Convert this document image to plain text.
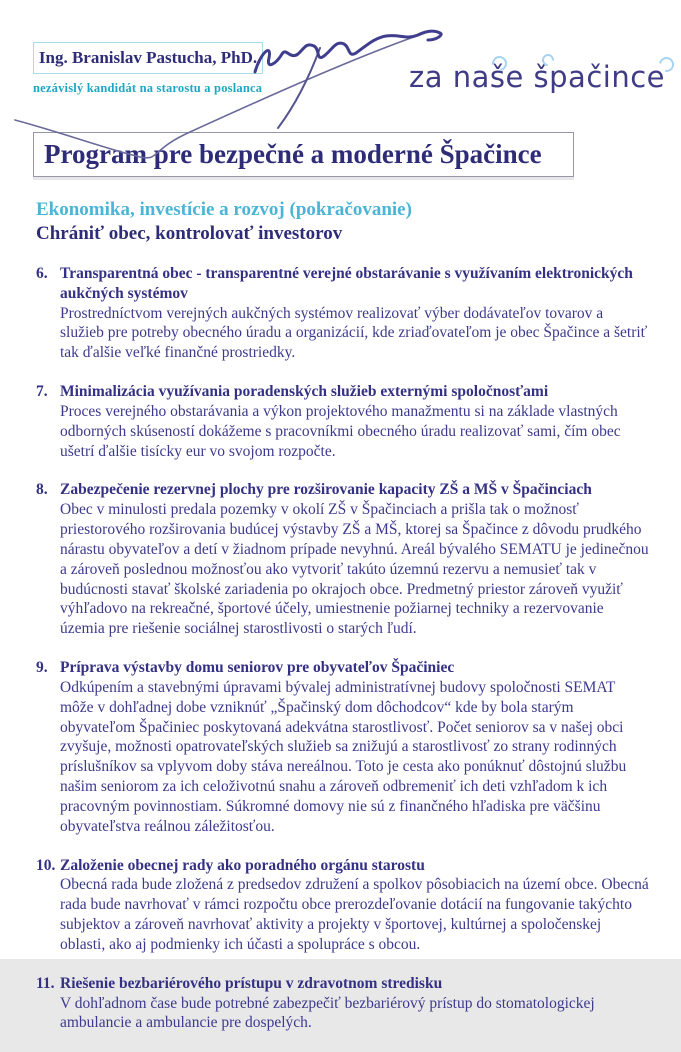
Ing. Branislav Pastucha, PhD.
nezávislý kandidát na starostu a poslanca	za naše špačince
Program pre bezpečné a moderné Špačince
Ekonomika, investície a rozvoj (pokračovanie)
Chrániť obec, kontrolovať investorov
6. Transparentná obec - transparentné verejné obstarávanie s využívaním elektronických aukčných systémov
Prostredníctvom verejných aukčných systémov realizovať výber dodávateľov tovarov a služieb pre potreby obecného úradu a organizácií, kde zriaďovateľom je obec Špačince a šetriť tak ďalšie veľké finančné prostriedky.
7. Minimalizácia využívania poradenských služieb externými spoločnosťami
Proces verejného obstarávania a výkon projektového manažmentu si na základe vlastných odborných skúseností dokážeme s pracovníkmi obecného úradu realizovať sami, čím obec ušetrí ďalšie tisícky eur vo svojom rozpočte.
8. Zabezpečenie rezervnej plochy pre rozširovanie kapacity ZŠ a MŠ v Špačinciach
Obec v minulosti predala pozemky v okolí ZŠ v Špačinciach a prišla tak o možnosť priestorového rozširovania budúcej výstavby ZŠ a MŠ, ktorej sa Špačince z dôvodu prudkého nárastu obyvateľov a detí v žiadnom prípade nevyhnú. Areál bývalého SEMATU je jedinečnou a zároveň poslednou možnosťou ako vytvoriť takúto územnú rezervu a nemusieť tak v budúcnosti stavať školské zariadenia po okrajoch obce. Predmetný priestor zároveň využiť výhľadovo na rekreačné, športové účely, umiestnenie požiarnej techniky a rezervovanie územia pre riešenie sociálnej starostlivosti o starých ľudí.
9. Príprava výstavby domu seniorov pre obyvateľov Špačiniec
Odkúpením a stavebnými úpravami bývalej administratívnej budovy spoločnosti SEMAT môže v dohľadnej dobe vzniknúť „Špačinský dom dôchodcov“ kde by bola starým obyvateľom Špačiniec poskytovaná adekvátna starostlivosť. Počet seniorov sa v našej obci zvyšuje, možnosti opatrovateľských služieb sa znižujú a starostlivosť zo strany rodinných príslušníkov sa vplyvom doby stáva nereálnou. Toto je cesta ako ponúknuť dôstojnú službu našim seniorom za ich celoživotnú snahu a zároveň odbremeniť ich deti vzhľadom k ich pracovným povinnostiam. Súkromné domovy nie sú z finančného hľadiska pre väčšinu obyvateľstva reálnou záležitosťou.
10. Založenie obecnej rady ako poradného orgánu starostu
Obecná rada bude zložená z predsedov združení a spolkov pôsobiacich na území obce. Obecná rada bude navrhovať v rámci rozpočtu obce prerozdeľovanie dotácií na fungovanie takýchto subjektov a zároveň navrhovať aktivity a projekty v športovej, kultúrnej a spoločenskej oblasti, ako aj podmienky ich účasti a spolupráce s obcou.
11. Riešenie bezbariérového prístupu v zdravotnom stredisku
V dohľadnom čase bude potrebné zabezpečiť bezbariérový prístup do stomatologickej ambulancie a ambulancie pre dospelých.
